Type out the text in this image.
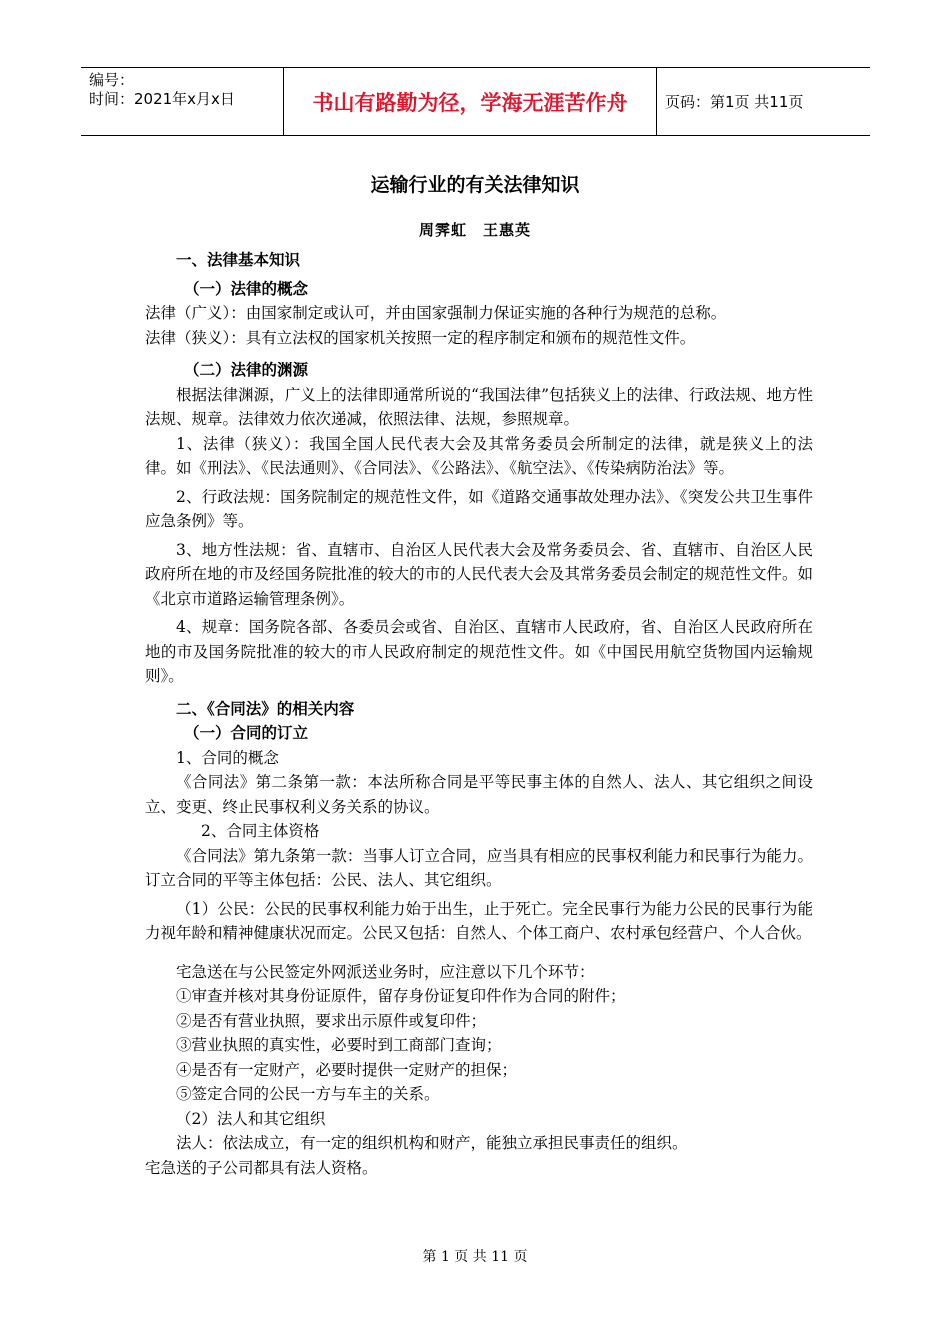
编号：
时间：2021年x月x日	书山有路勤为径，学海无涯苦作舟	页码：第1页 共11页
运输行业的有关法律知识
周霁虹 王惠英

一、法律基本知识

（一）法律的概念

法律（广义）：由国家制定或认可，并由国家强制力保证实施的各种行为规范的总称。

法律（狭义）：具有立法权的国家机关按照一定的程序制定和颁布的规范性文件。

（二）法律的渊源

根据法律渊源，广义上的法律即通常所说的“我国法律”包括狭义上的法律、行政法规、地方性法规、规章。法律效力依次递减，依照法律、法规，参照规章。

1、法律（狭义）：我国全国人民代表大会及其常务委员会所制定的法律，就是狭义上的法律。如《刑法》、《民法通则》、《合同法》、《公路法》、《航空法》、《传染病防治法》等。

2、行政法规：国务院制定的规范性文件，如《道路交通事故处理办法》、《突发公共卫生事件应急条例》等。

3、地方性法规：省、直辖市、自治区人民代表大会及常务委员会、省、直辖市、自治区人民政府所在地的市及经国务院批准的较大的市的人民代表大会及其常务委员会制定的规范性文件。如《北京市道路运输管理条例》。

4、规章：国务院各部、各委员会或省、自治区、直辖市人民政府，省、自治区人民政府所在地的市及国务院批准的较大的市人民政府制定的规范性文件。如《中国民用航空货物国内运输规则》。

二、《合同法》的相关内容

（一）合同的订立

1、合同的概念

《合同法》第二条第一款：本法所称合同是平等民事主体的自然人、法人、其它组织之间设立、变更、终止民事权利义务关系的协议。

2、合同主体资格

《合同法》第九条第一款：当事人订立合同，应当具有相应的民事权利能力和民事行为能力。订立合同的平等主体包括：公民、法人、其它组织。

（1）公民：公民的民事权利能力始于出生，止于死亡。完全民事行为能力公民的民事行为能力视年龄和精神健康状况而定。公民又包括：自然人、个体工商户、农村承包经营户、个人合伙。

宅急送在与公民签定外网派送业务时，应注意以下几个环节：

①审查并核对其身份证原件，留存身份证复印件作为合同的附件；

②是否有营业执照，要求出示原件或复印件；

③营业执照的真实性，必要时到工商部门查询；

④是否有一定财产，必要时提供一定财产的担保；

⑤签定合同的公民一方与车主的关系。

（2）法人和其它组织

法人：依法成立，有一定的组织机构和财产，能独立承担民事责任的组织。

宅急送的子公司都具有法人资格。

第 1 页 共 11 页
